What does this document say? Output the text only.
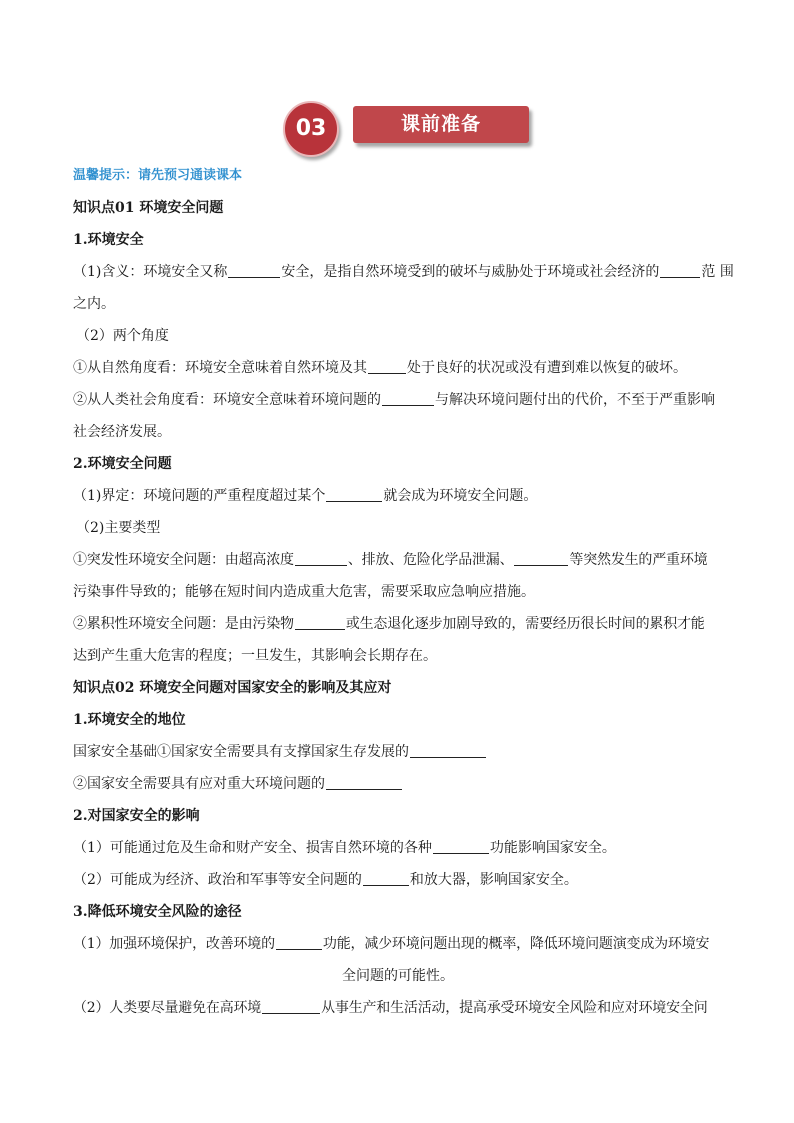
03	课前准备
温馨提示：请先预习通读课本
知识点01 环境安全问题
1.环境安全
（1)含义：环境安全又称	安全，是指自然环境受到的破坏与威胁处于环境或社会经济的	范 围
之内。
（2）两个角度
①从自然角度看：环境安全意味着自然环境及其	处于良好的状况或没有遭到难以恢复的破坏。
②从人类社会角度看：环境安全意味着环境问题的	与解决环境问题付出的代价，不至于严重影响
社会经济发展。
2.环境安全问题
（1)界定：环境问题的严重程度超过某个	就会成为环境安全问题。
（2)主要类型
①突发性环境安全问题：由超高浓度	、排放、危险化学品泄漏、	等突然发生的严重环境
污染事件导致的；能够在短时间内造成重大危害，需要采取应急响应措施。
②累积性环境安全问题：是由污染物	或生态退化逐步加剧导致的，需要经历很长时间的累积才能
达到产生重大危害的程度；一旦发生，其影响会长期存在。
知识点02 环境安全问题对国家安全的影响及其应对
1.环境安全的地位
国家安全基础①国家安全需要具有支撑国家生存发展的
②国家安全需要具有应对重大环境问题的
2.对国家安全的影响
（1）可能通过危及生命和财产安全、损害自然环境的各种	功能影响国家安全。
（2）可能成为经济、政治和军事等安全问题的	和放大器，影响国家安全。
3.降低环境安全风险的途径
（1）加强环境保护，改善环境的	功能，减少环境问题出现的概率，降低环境问题演变成为环境安
全问题的可能性。
（2）人类要尽量避免在高环境	从事生产和生活活动，提高承受环境安全风险和应对环境安全问
